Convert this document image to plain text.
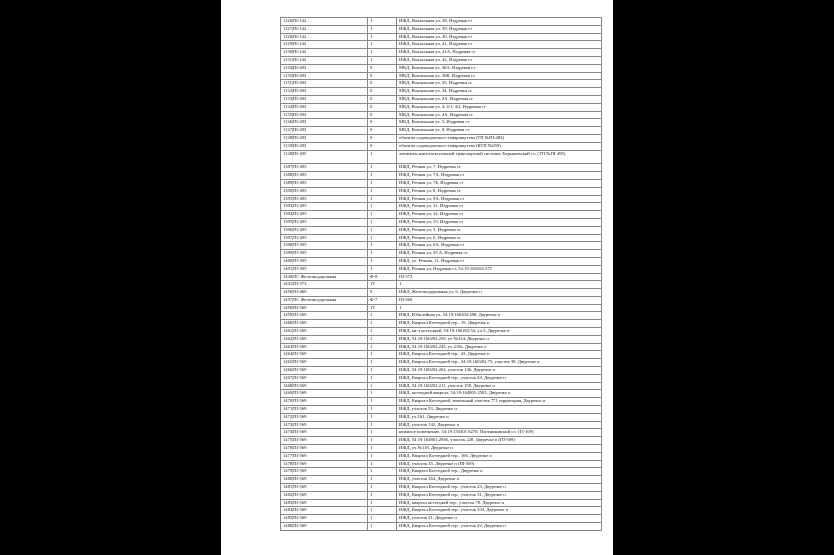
1126|ПІ-142	1	ИЖД, Вокзальная ул, 38, Издревая ст
1127|ПІ-142	1	ИЖД, Вокзальная ул, 39, Издревая ст
1128|ПІ-142	1	ИЖД, Вокзальная ул, 40, Издревая ст
1129|ПІ-142	1	ИЖД, Вокзальная ул, 41, Издревая ст
1130|ПІ-142	1	ИЖД, Вокзальная ул, 41А, Издревая ст
1131|ПІ-142	1	ИЖД, Вокзальная ул, 42, Издревая ст
1134|ПІ-483	0	МКД, Вокзальная ул, 36А, Издревая ст
1135|ПІ-483	0	МКД, Вокзальная ул, 36В, Издревая ст
1131|ПІ-483	0	МКД, Вокзальная ул, 35, Издревая ст
1132|ПІ-483	0	МКД, Вокзальная ул, 34, Издревая ст
1133|ПІ-483	0	МКД, Вокзальная ул, 3А, Издревая ст
1134|ПІ-483	0	МКД, Вокзальная ул, 4, 4/1, 4/2, Издревая ст
1135|ПІ-483	0	МКД, Вокзальная ул, 4А, Издревая ст
1136|ПІ-483	0	МКД, Вокзальная ул, 5, Издревая ст
1137|ПІ-483	0	МКД, Вокзальная ул, 8, Издревая ст
1138|ПІ-483	0	объекты садоводческого товарищества (ТП №ПІ-483)
1139|ПІ-483	0	объекты садоводческого товарищества (КТП №659)
1138|ПІ-495	1	элементы интеллектуальной транспортной системы, Барышевский с/с (ТП №ПІ-495)
1387|ПІ-495	1	ИЖД, Речная ул, 7, Издревая ст
1388|ПІ-495	1	ИЖД, Речная ул, 7А, Издревая ст
1389|ПІ-495	1	ИЖД, Речная ул, 7Б, Издревая ст
1390|ПІ-495	1	ИЖД, Речная ул, 8, Издревая ст
1391|ПІ-495	1	ИЖД, Речная ул, 9А, Издревая ст
1393|ПІ-495	1	ИЖД, Речная ул, 31, Издревая ст
1394|ПІ-495	1	ИЖД, Речная ул, 32, Издревая ст
1395|ПІ-495	1	ИЖД, Речная ул, 33, Издревая ст
1396|ПІ-495	1	ИЖД, Речная ул, 5, Издревая ст
1397|ПІ-495	1	ИЖД, Речная ул, 6, Издревая ст
1398|ПІ-495	1	ИЖД, Речная ул, 6А, Издревая ст
1399|ПІ-495	1	ИЖД, Речная ул, 35 А, Издревая ст
1400|ПІ-495	1	ИЖД, ул. Речная, 11, Издревая ст
1401|ПІ-495	1	ИЖД, Речная ул, Издревая ст, 54:19:160104:375
1440|ПС Железнодорожная	Ф-8	ПІ-573
1441|ПІ-573	1Т	1
1456|ПІ-469	0	ИЖД, Железнодорожная ул, 6, Двуречье п
1457|ПС Железнодорожная	Ф-7	ПІ-569
1458|ПІ-569	1Т	1
1459|ПІ-569	1	ИЖД, Юбилейная ул, 54:19:160202:498, Двуречье п
1460|ПІ-569	1	ИЖД, Квартал Коттеджей тер., 19, Двуречье п
1461|ПІ-569	1	ИЖД, кв-л коттеджей, 54:19:160202:54, уч 5, Двуречье п
1462|ПІ-569	1	ИЖД, 54:19:160202:259, уч №234, Двуречье п
1463|ПІ-569	1	ИЖД, 54:19:160202:245, уч 218а, Двуречье п
1464|ПІ-569	1	ИЖД, Квартал Коттеджей тер., 43, Двуречье п
1465|ПІ-569	1	ИЖД, Квартал Коттеджей тер., 54:19:160202:75, участок 38, Двуречье п
1466|ПІ-569	1	ИЖД, 54:19:160202:262, участок 146, Двуречье п
1467|ПІ-569	1	ИЖД, Квартал Коттеджей тер., участок 44, Двуречье п
1468|ПІ-569	1	ИЖД, 54:19:160202:211, участок 158, Двуречье п
1469|ПІ-569	1	ИЖД, коттеджей квартал, 54:19:164801:2583, Двуречье п
1470|ПІ-569	1	ИЖД, Квартал Коттеджей, земельный участок 771 территория, Двуречье п
1471|ПІ-569	1	ИЖД, участок 53, Двуречье п
1472|ПІ-569	1	ИЖД, уч.161, Двуречье п
1473|ПІ-569	1	ИЖД, участок 142, Двуречье п
1474|ПІ-569	1	нежилое помещение, 54:19:155401:6270, Плотниковский с/с (ТІ-169)
1475|ПІ-569	1	ИЖД, 54:19:164801:2836, участок 228, Двуречье п (ПІ-569)
1476|ПІ-569	1	ИЖД, уч №118, Двуречье п
1477|ПІ-569	1	ИЖД, Квартал Коттеджей тер., 166, Двуречье п
1478|ПІ-569	1	ИЖД, участок 35, Двуречье п (ПІ-569)
1479|ПІ-569	1	ИЖД, Квартал Коттеджей тер., Двуречье п
1480|ПІ-569	1	ИЖД, участок 164, Двуречье п
1481|ПІ-569	1	ИЖД, Квартал Коттеджей тер., участок 23, Двуречье п
1482|ПІ-569	1	ИЖД, Квартал Коттеджей тер., участок 31, Двуречье п
1483|ПІ-569	1	ИЖД, квартал коттеджей тер., участок 78, Двуречье п
1484|ПІ-569	1	ИЖД, Квартал Коттеджей тер., участок 334, Двуречье п
1485|ПІ-569	1	ИЖД, участок 21, Двуречье п
1486|ПІ-569	1	ИЖД, Квартал Коттеджей тер., участок 42, Двуречье п
